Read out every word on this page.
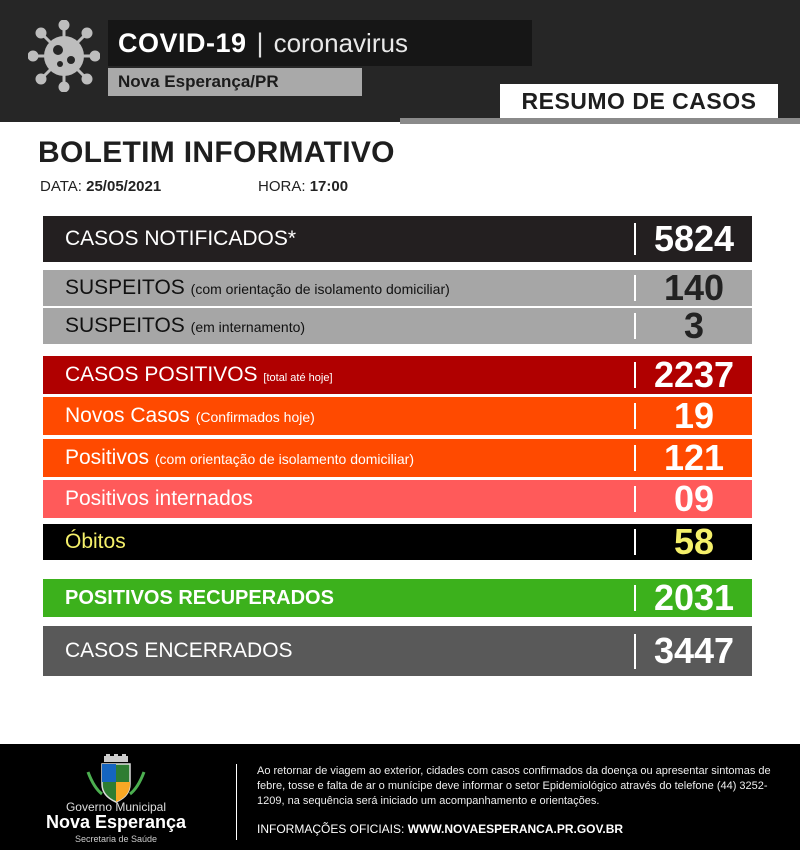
COVID-19 | coronavirus
Nova Esperança/PR
RESUMO DE CASOS
BOLETIM INFORMATIVO
DATA: 25/05/2021	HORA: 17:00
CASOS NOTIFICADOS*	5824
SUSPEITOS (com orientação de isolamento domiciliar)	140
SUSPEITOS (em internamento)	3
CASOS POSITIVOS [total até hoje]	2237
Novos Casos (Confirmados hoje)	19
Positivos (com orientação de isolamento domiciliar)	121
Positivos internados	09
Óbitos	58
POSITIVOS RECUPERADOS	2031
CASOS ENCERRADOS	3447
Governo Municipal
Nova Esperança
Secretaria de Saúde
Ao retornar de viagem ao exterior, cidades com casos confirmados da doença ou apresentar sintomas de febre, tosse e falta de ar o munícipe deve informar o setor Epidemiológico através do telefone (44) 3252-1209, na sequência será iniciado um acompanhamento e orientações.
INFORMAÇÕES OFICIAIS: WWW.NOVAESPERANCA.PR.GOV.BR
